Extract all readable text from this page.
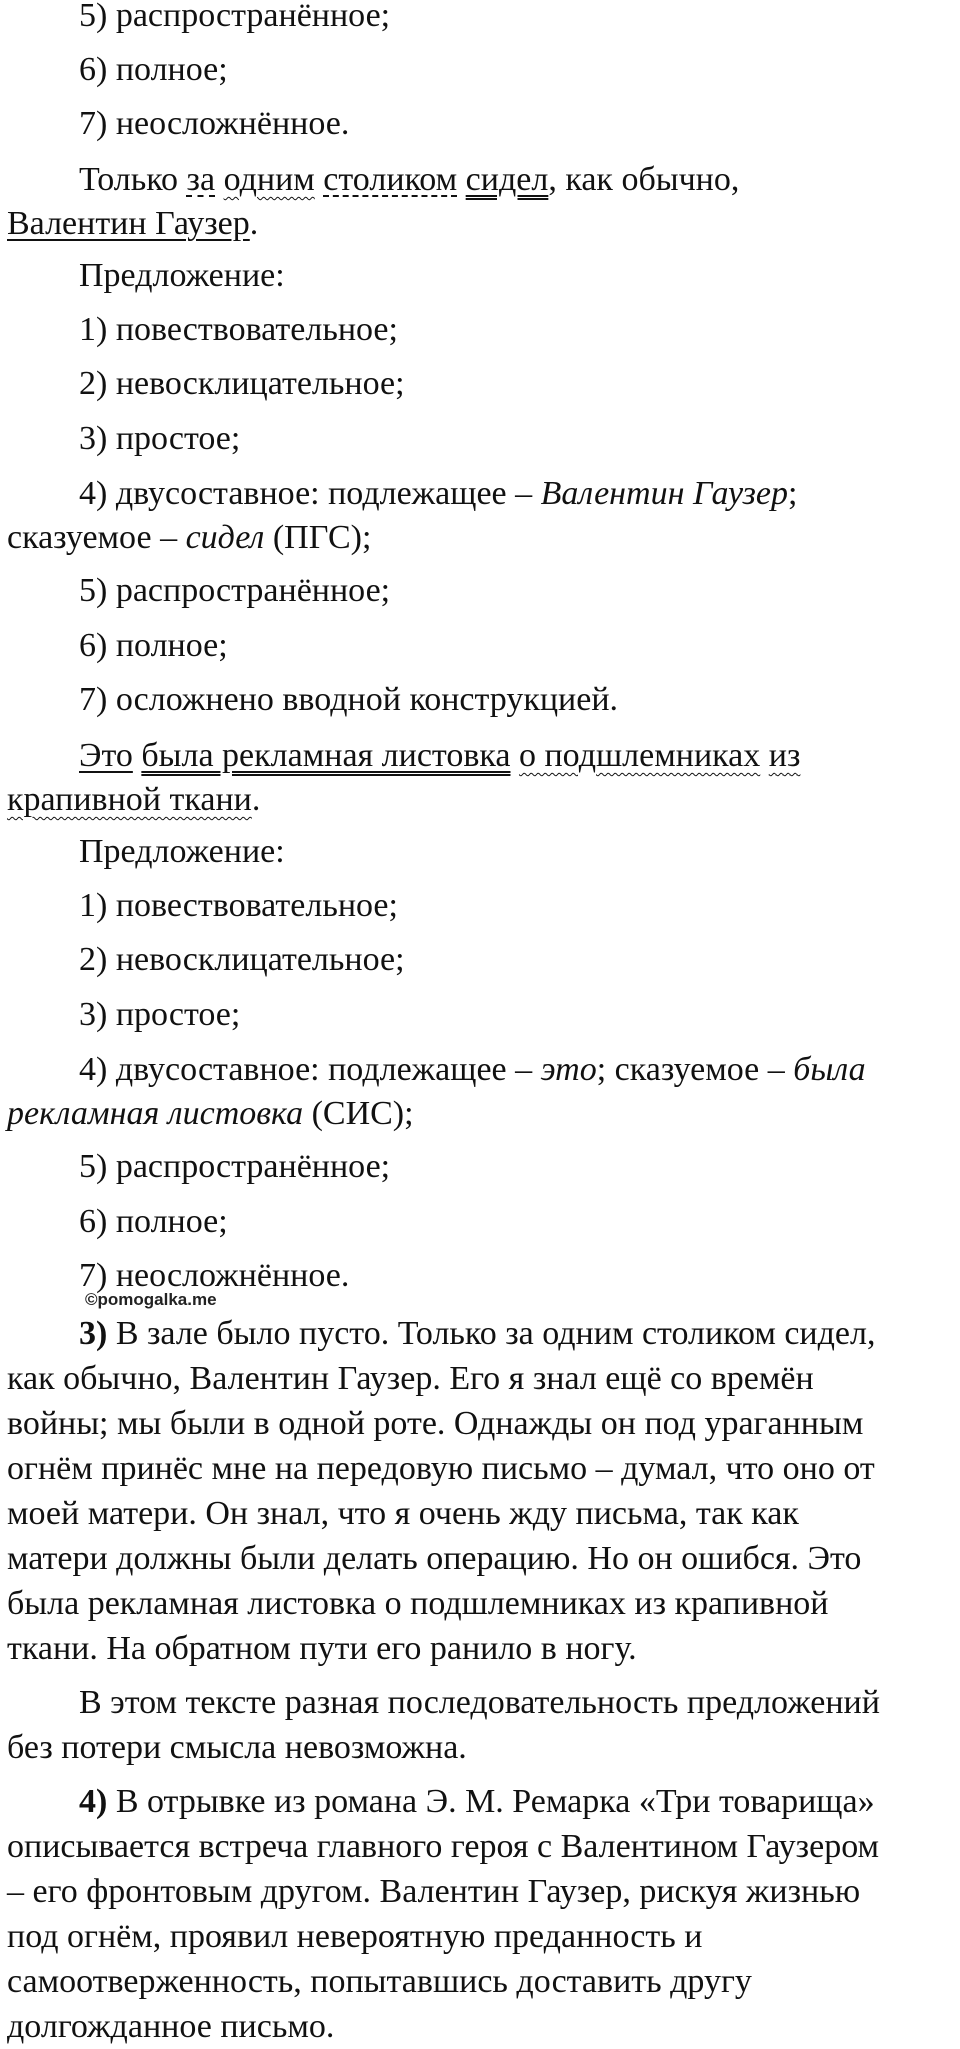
5) распространённое;
6) полное;
7) неосложнённое.
Только за одним столиком сидел, как обычно,
Валентин Гаузер.
Предложение:
1) повествовательное;
2) невосклицательное;
3) простое;
4) двусоставное: подлежащее – Валентин Гаузер;
сказуемое – сидел (ПГС);
5) распространённое;
6) полное;
7) осложнено вводной конструкцией.
Это была рекламная листовка о подшлемниках из
крапивной ткани.
Предложение:
1) повествовательное;
2) невосклицательное;
3) простое;
4) двусоставное: подлежащее – это; сказуемое – была
рекламная листовка (СИС);
5) распространённое;
6) полное;
7) неосложнённое.
©pomogalka.me
3) В зале было пусто. Только за одним столиком сидел,
как обычно, Валентин Гаузер. Его я знал ещё со времён
войны; мы были в одной роте. Однажды он под ураганным
огнём принёс мне на передовую письмо – думал, что оно от
моей матери. Он знал, что я очень жду письма, так как
матери должны были делать операцию. Но он ошибся. Это
была рекламная листовка о подшлемниках из крапивной
ткани. На обратном пути его ранило в ногу.
В этом тексте разная последовательность предложений
без потери смысла невозможна.
4) В отрывке из романа Э. М. Ремарка «Три товарища»
описывается встреча главного героя с Валентином Гаузером
– его фронтовым другом. Валентин Гаузер, рискуя жизнью
под огнём, проявил невероятную преданность и
самоотверженность, попытавшись доставить другу
долгожданное письмо.
